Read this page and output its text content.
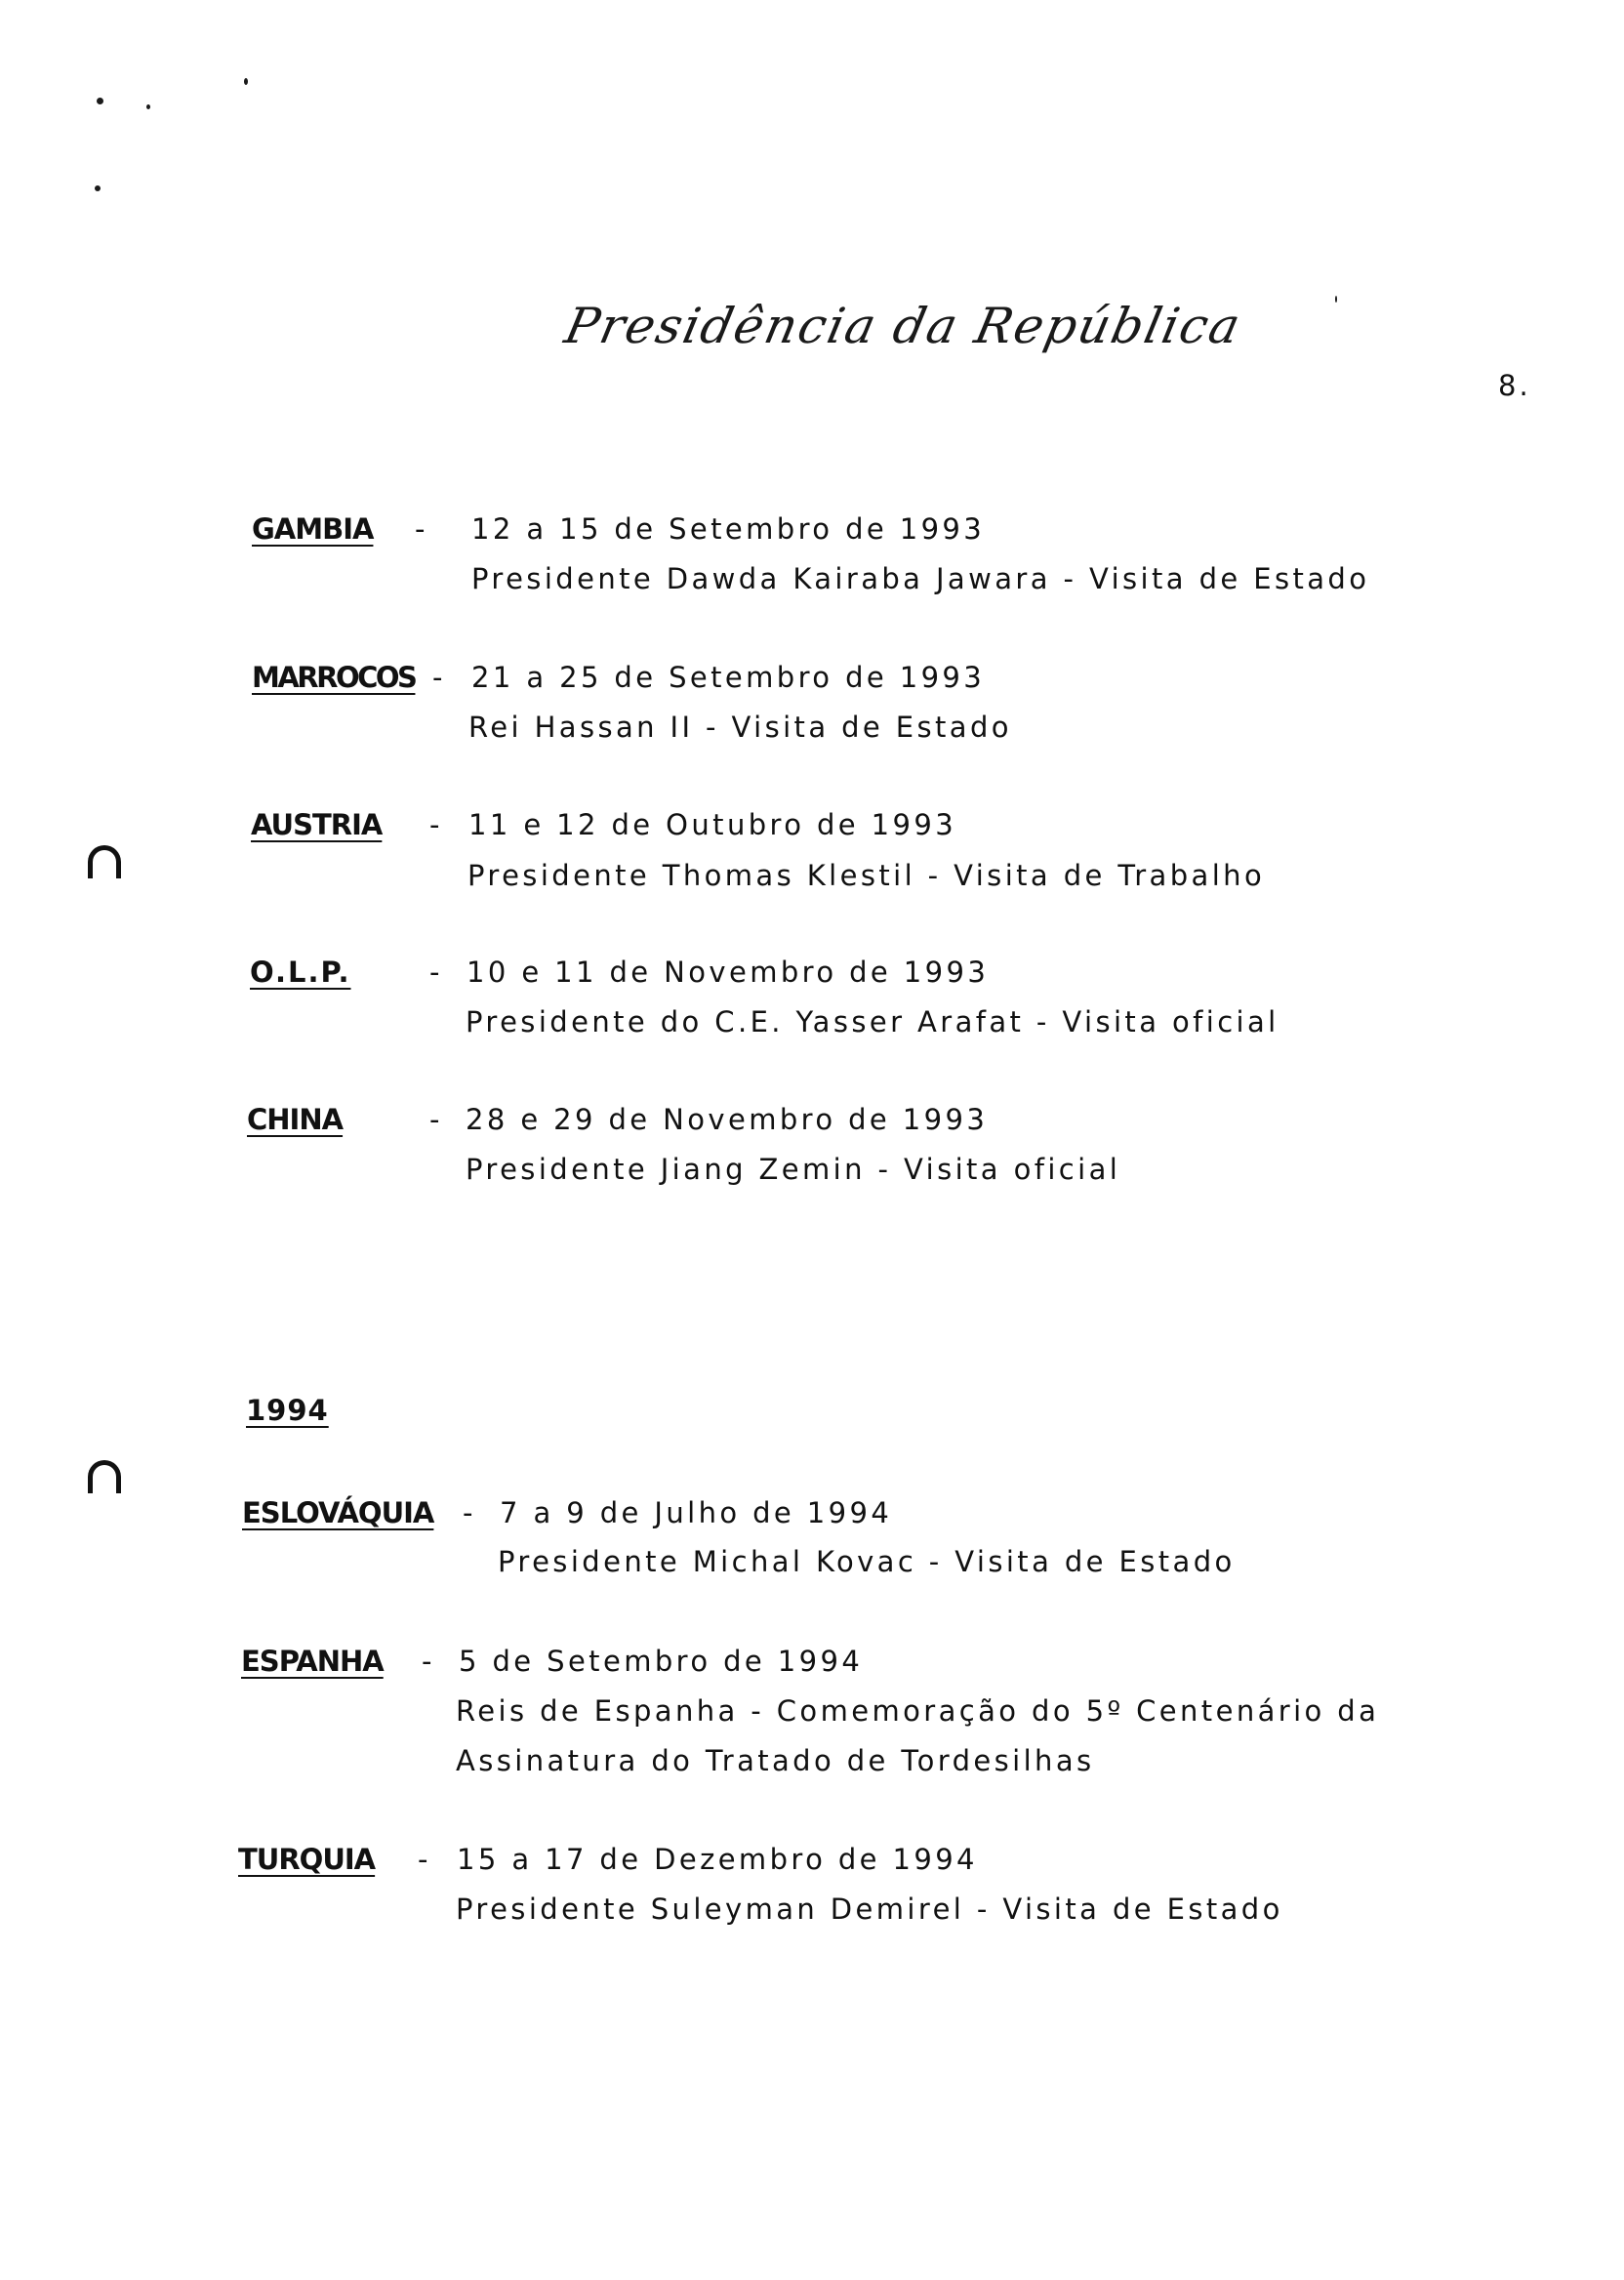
Presidência da República
8.
GAMBIA - 12 a 15 de Setembro de 1993
Presidente Dawda Kairaba Jawara - Visita de Estado
MARROCOS - 21 a 25 de Setembro de 1993
Rei Hassan II - Visita de Estado
AUSTRIA - 11 e 12 de Outubro de 1993
Presidente Thomas Klestil - Visita de Trabalho
O.L.P.	- 10 e 11 de Novembro de 1993
Presidente do C.E. Yasser Arafat - Visita oficial
CHINA	- 28 e 29 de Novembro de 1993
Presidente Jiang Zemin - Visita oficial
1994
ESLOVÁQUIA - 7 a 9 de Julho de 1994
Presidente Michal Kovac - Visita de Estado
ESPANHA - 5 de Setembro de 1994
Reis de Espanha - Comemoração do 5º Centenário da
Assinatura do Tratado de Tordesilhas
TURQUIA - 15 a 17 de Dezembro de 1994
Presidente Suleyman Demirel - Visita de Estado
